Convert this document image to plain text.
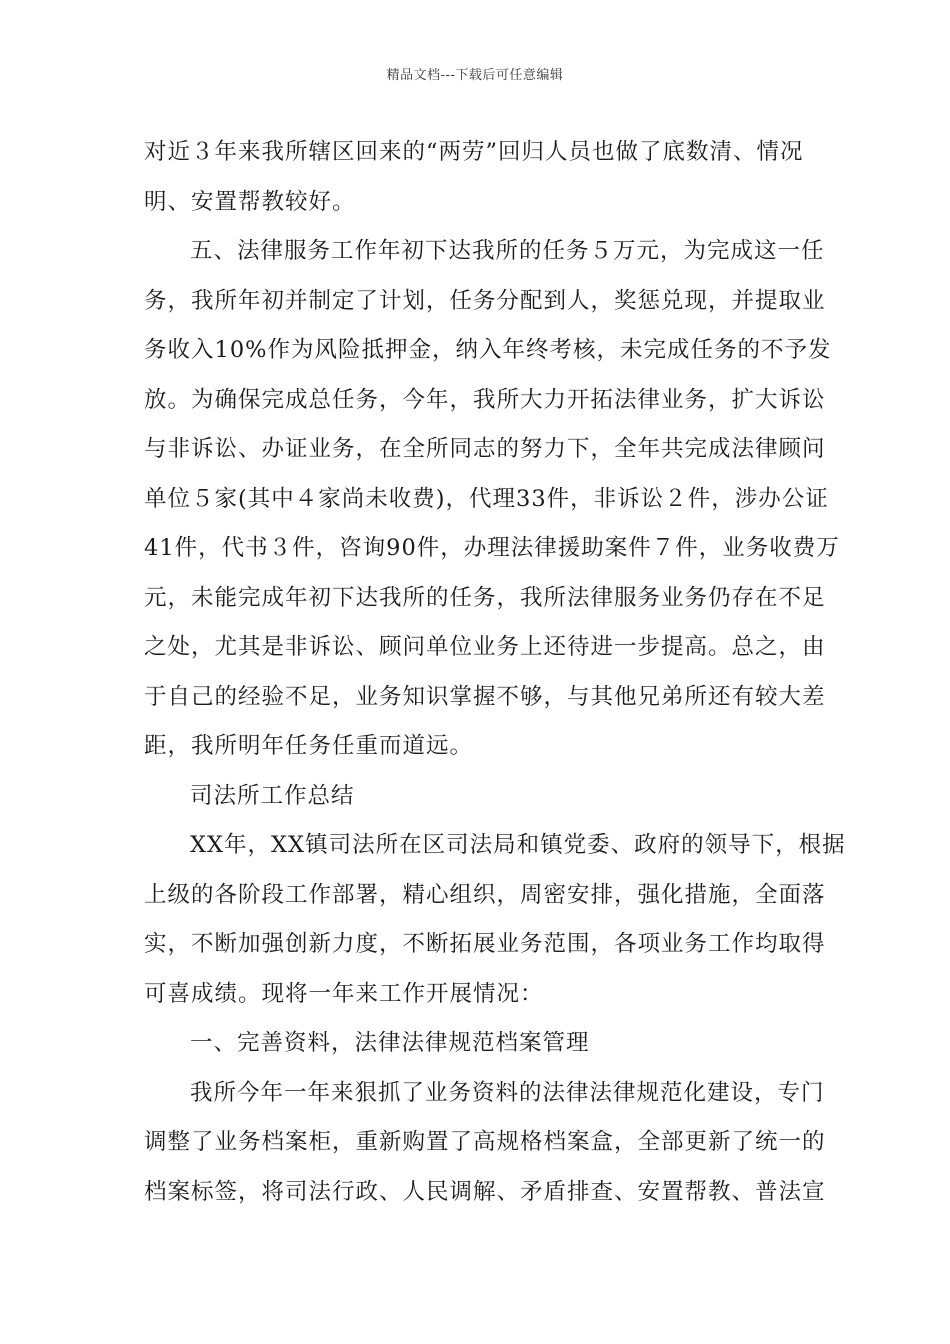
精品文档---下载后可任意编辑
对近３年来我所辖区回来的“两劳”回归人员也做了底数清、情况
明、安置帮教较好。
五、法律服务工作年初下达我所的任务５万元，为完成这一任
务，我所年初并制定了计划，任务分配到人，奖惩兑现，并提取业
务收入10%作为风险抵押金，纳入年终考核，未完成任务的不予发
放。为确保完成总任务，今年，我所大力开拓法律业务，扩大诉讼
与非诉讼、办证业务，在全所同志的努力下，全年共完成法律顾问
单位５家(其中４家尚未收费)，代理33件，非诉讼２件，涉办公证
41件，代书３件，咨询90件，办理法律援助案件７件，业务收费万
元，未能完成年初下达我所的任务，我所法律服务业务仍存在不足
之处，尤其是非诉讼、顾问单位业务上还待进一步提高。总之，由
于自己的经验不足，业务知识掌握不够，与其他兄弟所还有较大差
距，我所明年任务任重而道远。
司法所工作总结
XX年，XX镇司法所在区司法局和镇党委、政府的领导下，根据
上级的各阶段工作部署，精心组织，周密安排，强化措施，全面落
实，不断加强创新力度，不断拓展业务范围，各项业务工作均取得
可喜成绩。现将一年来工作开展情况：
一、完善资料，法律法律规范档案管理
我所今年一年来狠抓了业务资料的法律法律规范化建设，专门
调整了业务档案柜，重新购置了高规格档案盒，全部更新了统一的
档案标签，将司法行政、人民调解、矛盾排查、安置帮教、普法宣
